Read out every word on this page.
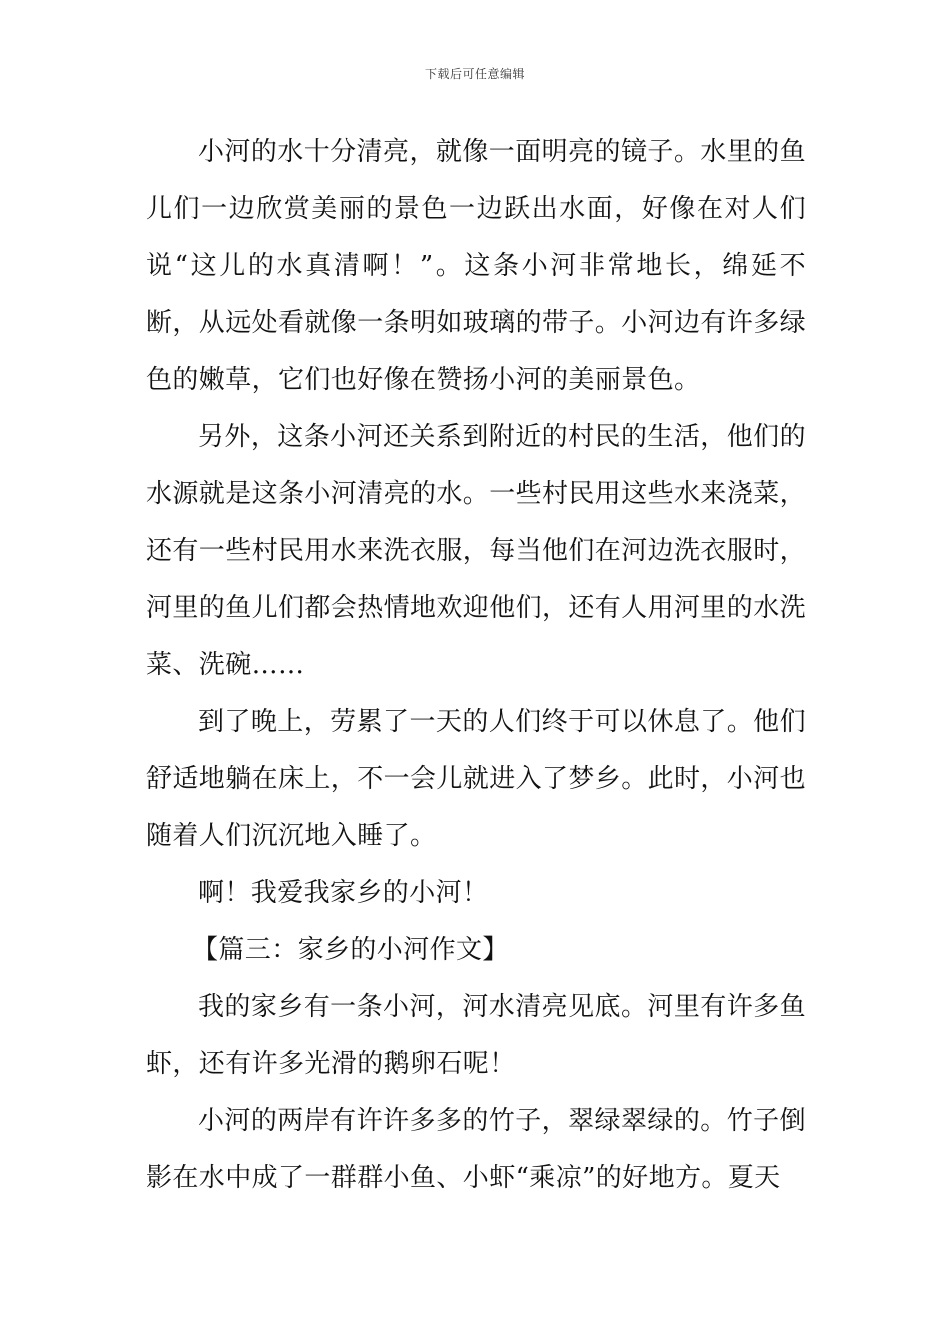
下载后可任意编辑

小河的水十分清亮，就像一面明亮的镜子。水里的鱼儿们一边欣赏美丽的景色一边跃出水面，好像在对人们说“这儿的水真清啊！”。这条小河非常地长，绵延不断，从远处看就像一条明如玻璃的带子。小河边有许多绿色的嫩草，它们也好像在赞扬小河的美丽景色。

另外，这条小河还关系到附近的村民的生活，他们的水源就是这条小河清亮的水。一些村民用这些水来浇菜，还有一些村民用水来洗衣服，每当他们在河边洗衣服时，河里的鱼儿们都会热情地欢迎他们，还有人用河里的水洗菜、洗碗……

到了晚上，劳累了一天的人们终于可以休息了。他们舒适地躺在床上，不一会儿就进入了梦乡。此时，小河也随着人们沉沉地入睡了。

啊！我爱我家乡的小河！

【篇三：家乡的小河作文】

我的家乡有一条小河，河水清亮见底。河里有许多鱼虾，还有许多光滑的鹅卵石呢！

小河的两岸有许许多多的竹子，翠绿翠绿的。竹子倒影在水中成了一群群小鱼、小虾“乘凉”的好地方。夏天
